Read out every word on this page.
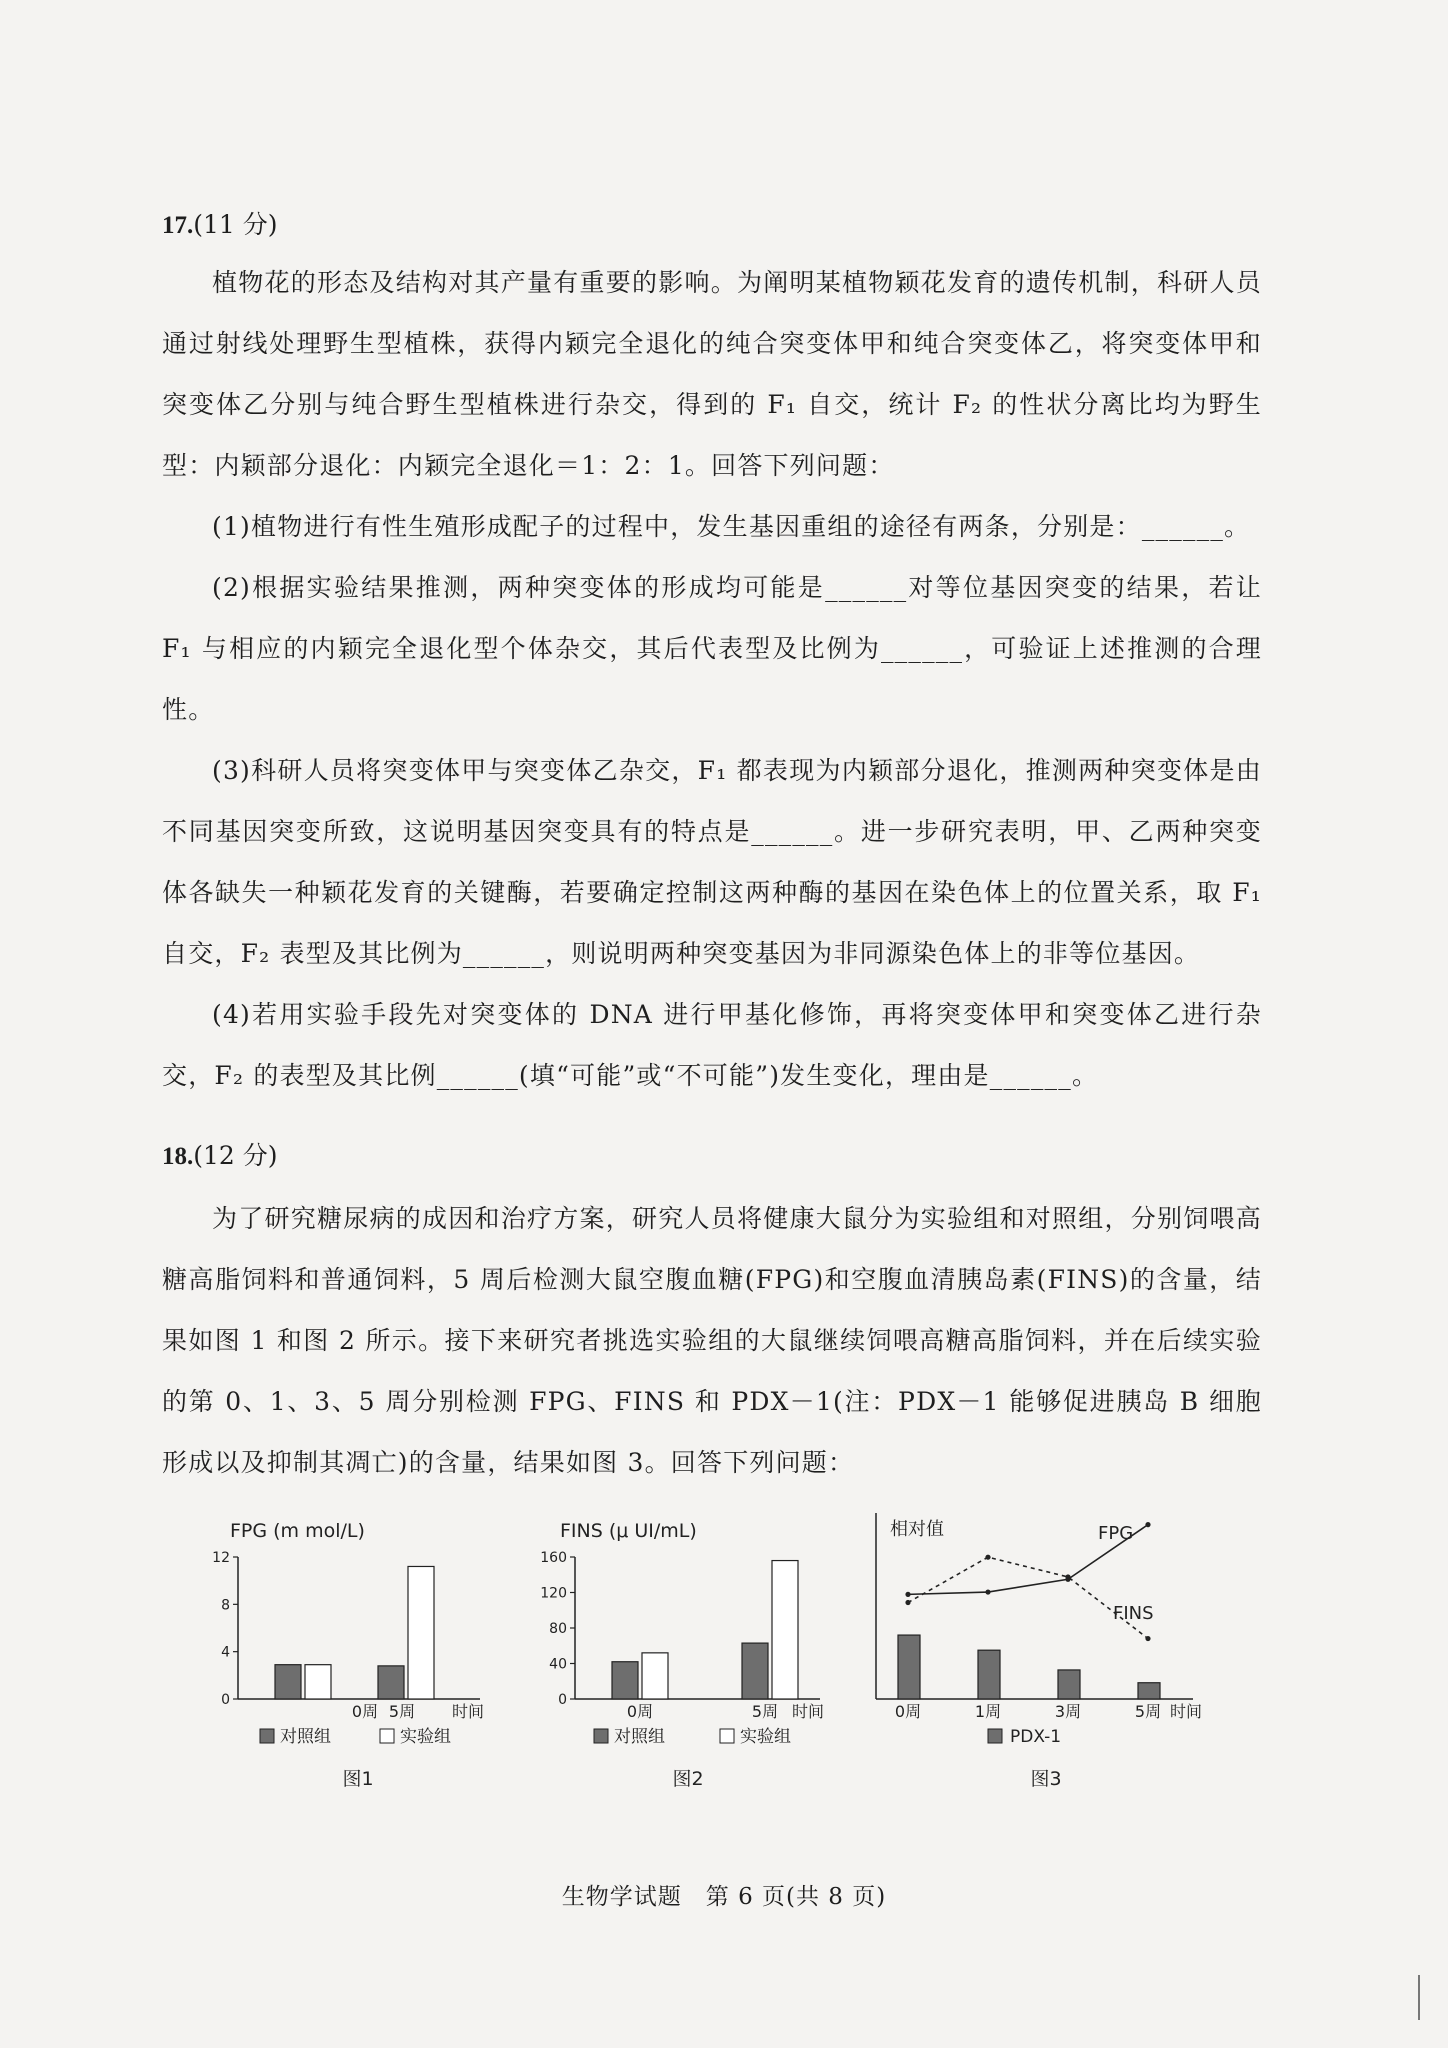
17.(11 分)

植物花的形态及结构对其产量有重要的影响。为阐明某植物颖花发育的遗传机制，科研人员通过射线处理野生型植株，获得内颖完全退化的纯合突变体甲和纯合突变体乙，将突变体甲和突变体乙分别与纯合野生型植株进行杂交，得到的 F₁ 自交，统计 F₂ 的性状分离比均为野生型：内颖部分退化：内颖完全退化＝1：2：1。回答下列问题：

(1)植物进行有性生殖形成配子的过程中，发生基因重组的途径有两条，分别是：______。

(2)根据实验结果推测，两种突变体的形成均可能是______对等位基因突变的结果，若让 F₁ 与相应的内颖完全退化型个体杂交，其后代表型及比例为______，可验证上述推测的合理性。

(3)科研人员将突变体甲与突变体乙杂交，F₁ 都表现为内颖部分退化，推测两种突变体是由不同基因突变所致，这说明基因突变具有的特点是______。进一步研究表明，甲、乙两种突变体各缺失一种颖花发育的关键酶，若要确定控制这两种酶的基因在染色体上的位置关系，取 F₁ 自交，F₂ 表型及其比例为______，则说明两种突变基因为非同源染色体上的非等位基因。

(4)若用实验手段先对突变体的 DNA 进行甲基化修饰，再将突变体甲和突变体乙进行杂交，F₂ 的表型及其比例______(填“可能”或“不可能”)发生变化，理由是______。

18.(12 分)

为了研究糖尿病的成因和治疗方案，研究人员将健康大鼠分为实验组和对照组，分别饲喂高糖高脂饲料和普通饲料，5 周后检测大鼠空腹血糖(FPG)和空腹血清胰岛素(FINS)的含量，结果如图 1 和图 2 所示。接下来研究者挑选实验组的大鼠继续饲喂高糖高脂饲料，并在后续实验的第 0、1、3、5 周分别检测 FPG、FINS 和 PDX－1(注：PDX－1 能够促进胰岛 B 细胞形成以及抑制其凋亡)的含量，结果如图 3。回答下列问题：

FPG (m mol/L)
0
4
8
12
0周 5周 时间
对照组	实验组
图1
FINS (μ UI/mL)
0
40
80
120
160
0周	5周 时间
对照组	实验组
图2
相对值	FPG
FINS
0周	1周	3周	5周 时间
PDX-1
图3
生物学试题　第 6 页(共 8 页)
